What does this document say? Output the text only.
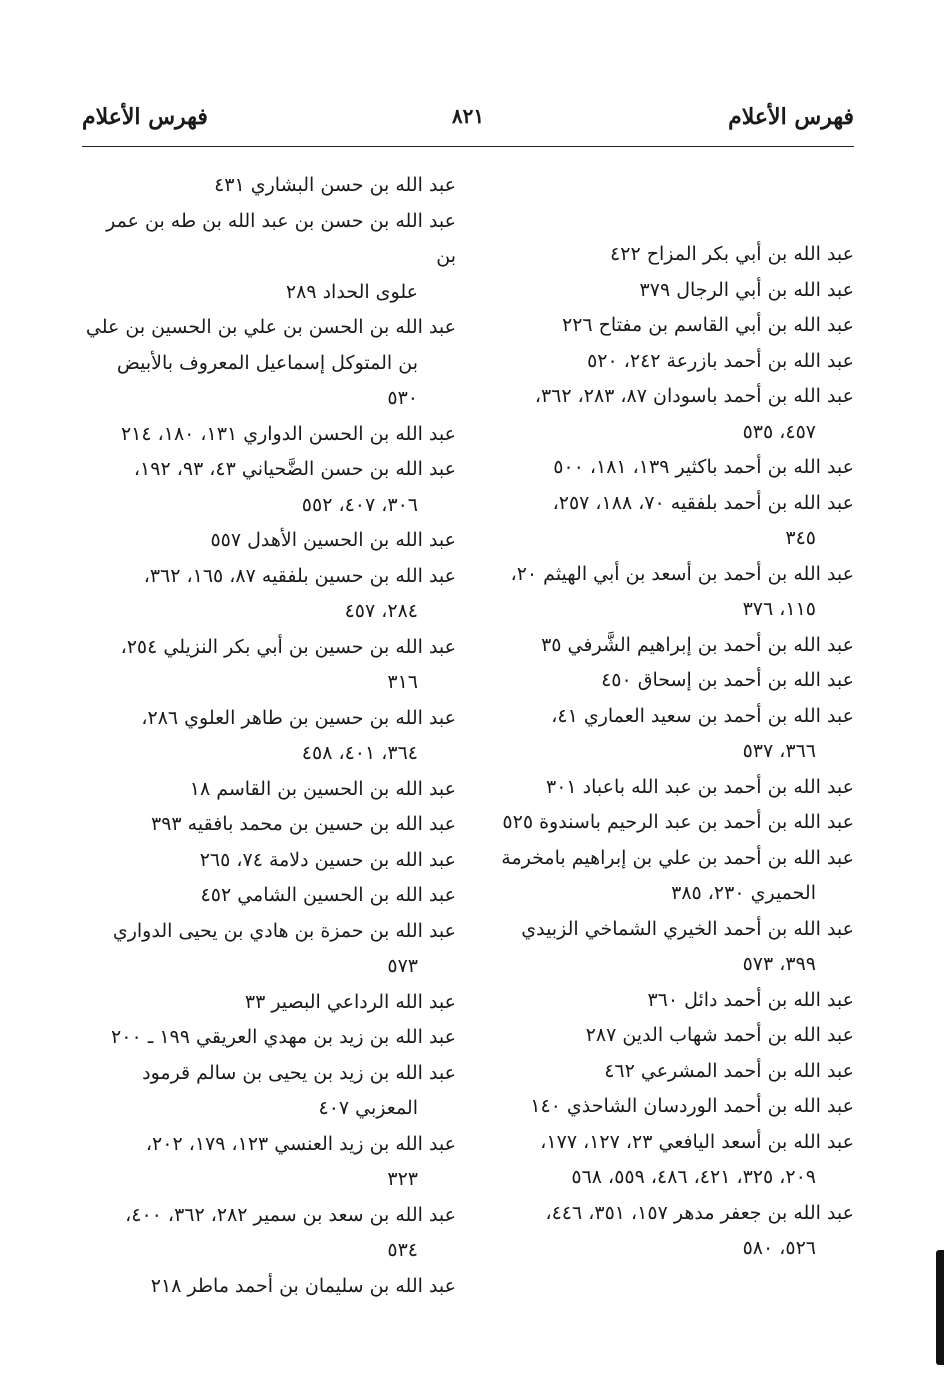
فهرس الأعلام
٨٢١
فهرس الأعلام
عبد الله بن أبي بكر المزاح ٤٢٢
عبد الله بن أبي الرجال ٣٧٩
عبد الله بن أبي القاسم بن مفتاح ٢٢٦
عبد الله بن أحمد بازرعة ٢٤٢، ٥٢٠
عبد الله بن أحمد باسودان ٨٧، ٢٨٣، ٣٦٢،
٤٥٧، ٥٣٥
عبد الله بن أحمد باكثير ١٣٩، ١٨١، ٥٠٠
عبد الله بن أحمد بلفقيه ٧٠، ١٨٨، ٢٥٧،
٣٤٥
عبد الله بن أحمد بن أسعد بن أبي الهيثم ٢٠،
١١٥، ٣٧٦
عبد الله بن أحمد بن إبراهيم الشَّرفي ٣٥
عبد الله بن أحمد بن إسحاق ٤٥٠
عبد الله بن أحمد بن سعيد العماري ٤١،
٣٦٦، ٥٣٧
عبد الله بن أحمد بن عبد الله باعباد ٣٠١
عبد الله بن أحمد بن عبد الرحيم باسندوة ٥٢٥
عبد الله بن أحمد بن علي بن إبراهيم بامخرمة
الحميري ٢٣٠، ٣٨٥
عبد الله بن أحمد الخيري الشماخي الزبيدي
٣٩٩، ٥٧٣
عبد الله بن أحمد دائل ٣٦٠
عبد الله بن أحمد شهاب الدين ٢٨٧
عبد الله بن أحمد المشرعي ٤٦٢
عبد الله بن أحمد الوردسان الشاحذي ١٤٠
عبد الله بن أسعد اليافعي ٢٣، ١٢٧، ١٧٧،
٢٠٩، ٣٢٥، ٤٢١، ٤٨٦، ٥٥٩، ٥٦٨
عبد الله بن جعفر مدهر ١٥٧، ٣٥١، ٤٤٦،
٥٢٦، ٥٨٠
عبد الله بن حسن البشاري ٤٣١
عبد الله بن حسن بن عبد الله بن طه بن عمر بن
علوى الحداد ٢٨٩
عبد الله بن الحسن بن علي بن الحسين بن علي
بن المتوكل إسماعيل المعروف بالأبيض
٥٣٠
عبد الله بن الحسن الدواري ١٣١، ١٨٠، ٢١٤
عبد الله بن حسن الضَّحياني ٤٣، ٩٣، ١٩٢،
٣٠٦، ٤٠٧، ٥٥٢
عبد الله بن الحسين الأهدل ٥٥٧
عبد الله بن حسين بلفقيه ٨٧، ١٦٥، ٣٦٢،
٢٨٤، ٤٥٧
عبد الله بن حسين بن أبي بكر النزيلي ٢٥٤،
٣١٦
عبد الله بن حسين بن طاهر العلوي ٢٨٦،
٣٦٤، ٤٠١، ٤٥٨
عبد الله بن الحسين بن القاسم ١٨
عبد الله بن حسين بن محمد بافقيه ٣٩٣
عبد الله بن حسين دلامة ٧٤، ٢٦٥
عبد الله بن الحسين الشامي ٤٥٢
عبد الله بن حمزة بن هادي بن يحيى الدواري
٥٧٣
عبد الله الرداعي البصير ٣٣
عبد الله بن زيد بن مهدي العريقي ١٩٩ ـ ٢٠٠
عبد الله بن زيد بن يحيى بن سالم قرمود
المعزبي ٤٠٧
عبد الله بن زيد العنسي ١٢٣، ١٧٩، ٢٠٢،
٣٢٣
عبد الله بن سعد بن سمير ٢٨٢، ٣٦٢، ٤٠٠،
٥٣٤
عبد الله بن سليمان بن أحمد ماطر ٢١٨
